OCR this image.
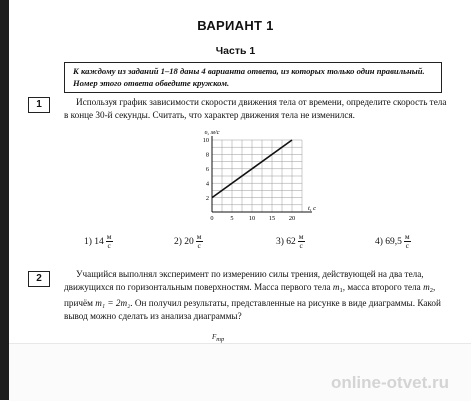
ВАРИАНТ 1
Часть 1
К каждому из заданий 1–18 даны 4 варианта ответа, из которых только один правильный. Номер этого ответа обведите кружком.
1	Используя график зависимости скорости движения тела от времени, определите скорость тела в конце 30-й секунды. Считать, что характер движения тела не изменился.
0	5 10 15 20
2
4
6
8
10
υ, м/с
t, с
1)
$14 \frac{м}{с}$	2)
$20 \frac{м}{с}$	3)
$62 \frac{м}{с}$	4)
$69,5 \frac{м}{с}$
2	Учащийся выполнял эксперимент по измерению силы трения, действующей на два тела, движущихся по горизонтальным поверхностям. Масса первого тела $m_1$, масса второго тела $m_2$, причём m₁ = 2m₂. Он получил результаты, представленные на рисунке в виде диаграммы. Какой вывод можно сделать из анализа диаграммы?
Fтр
online-otvet.ru
